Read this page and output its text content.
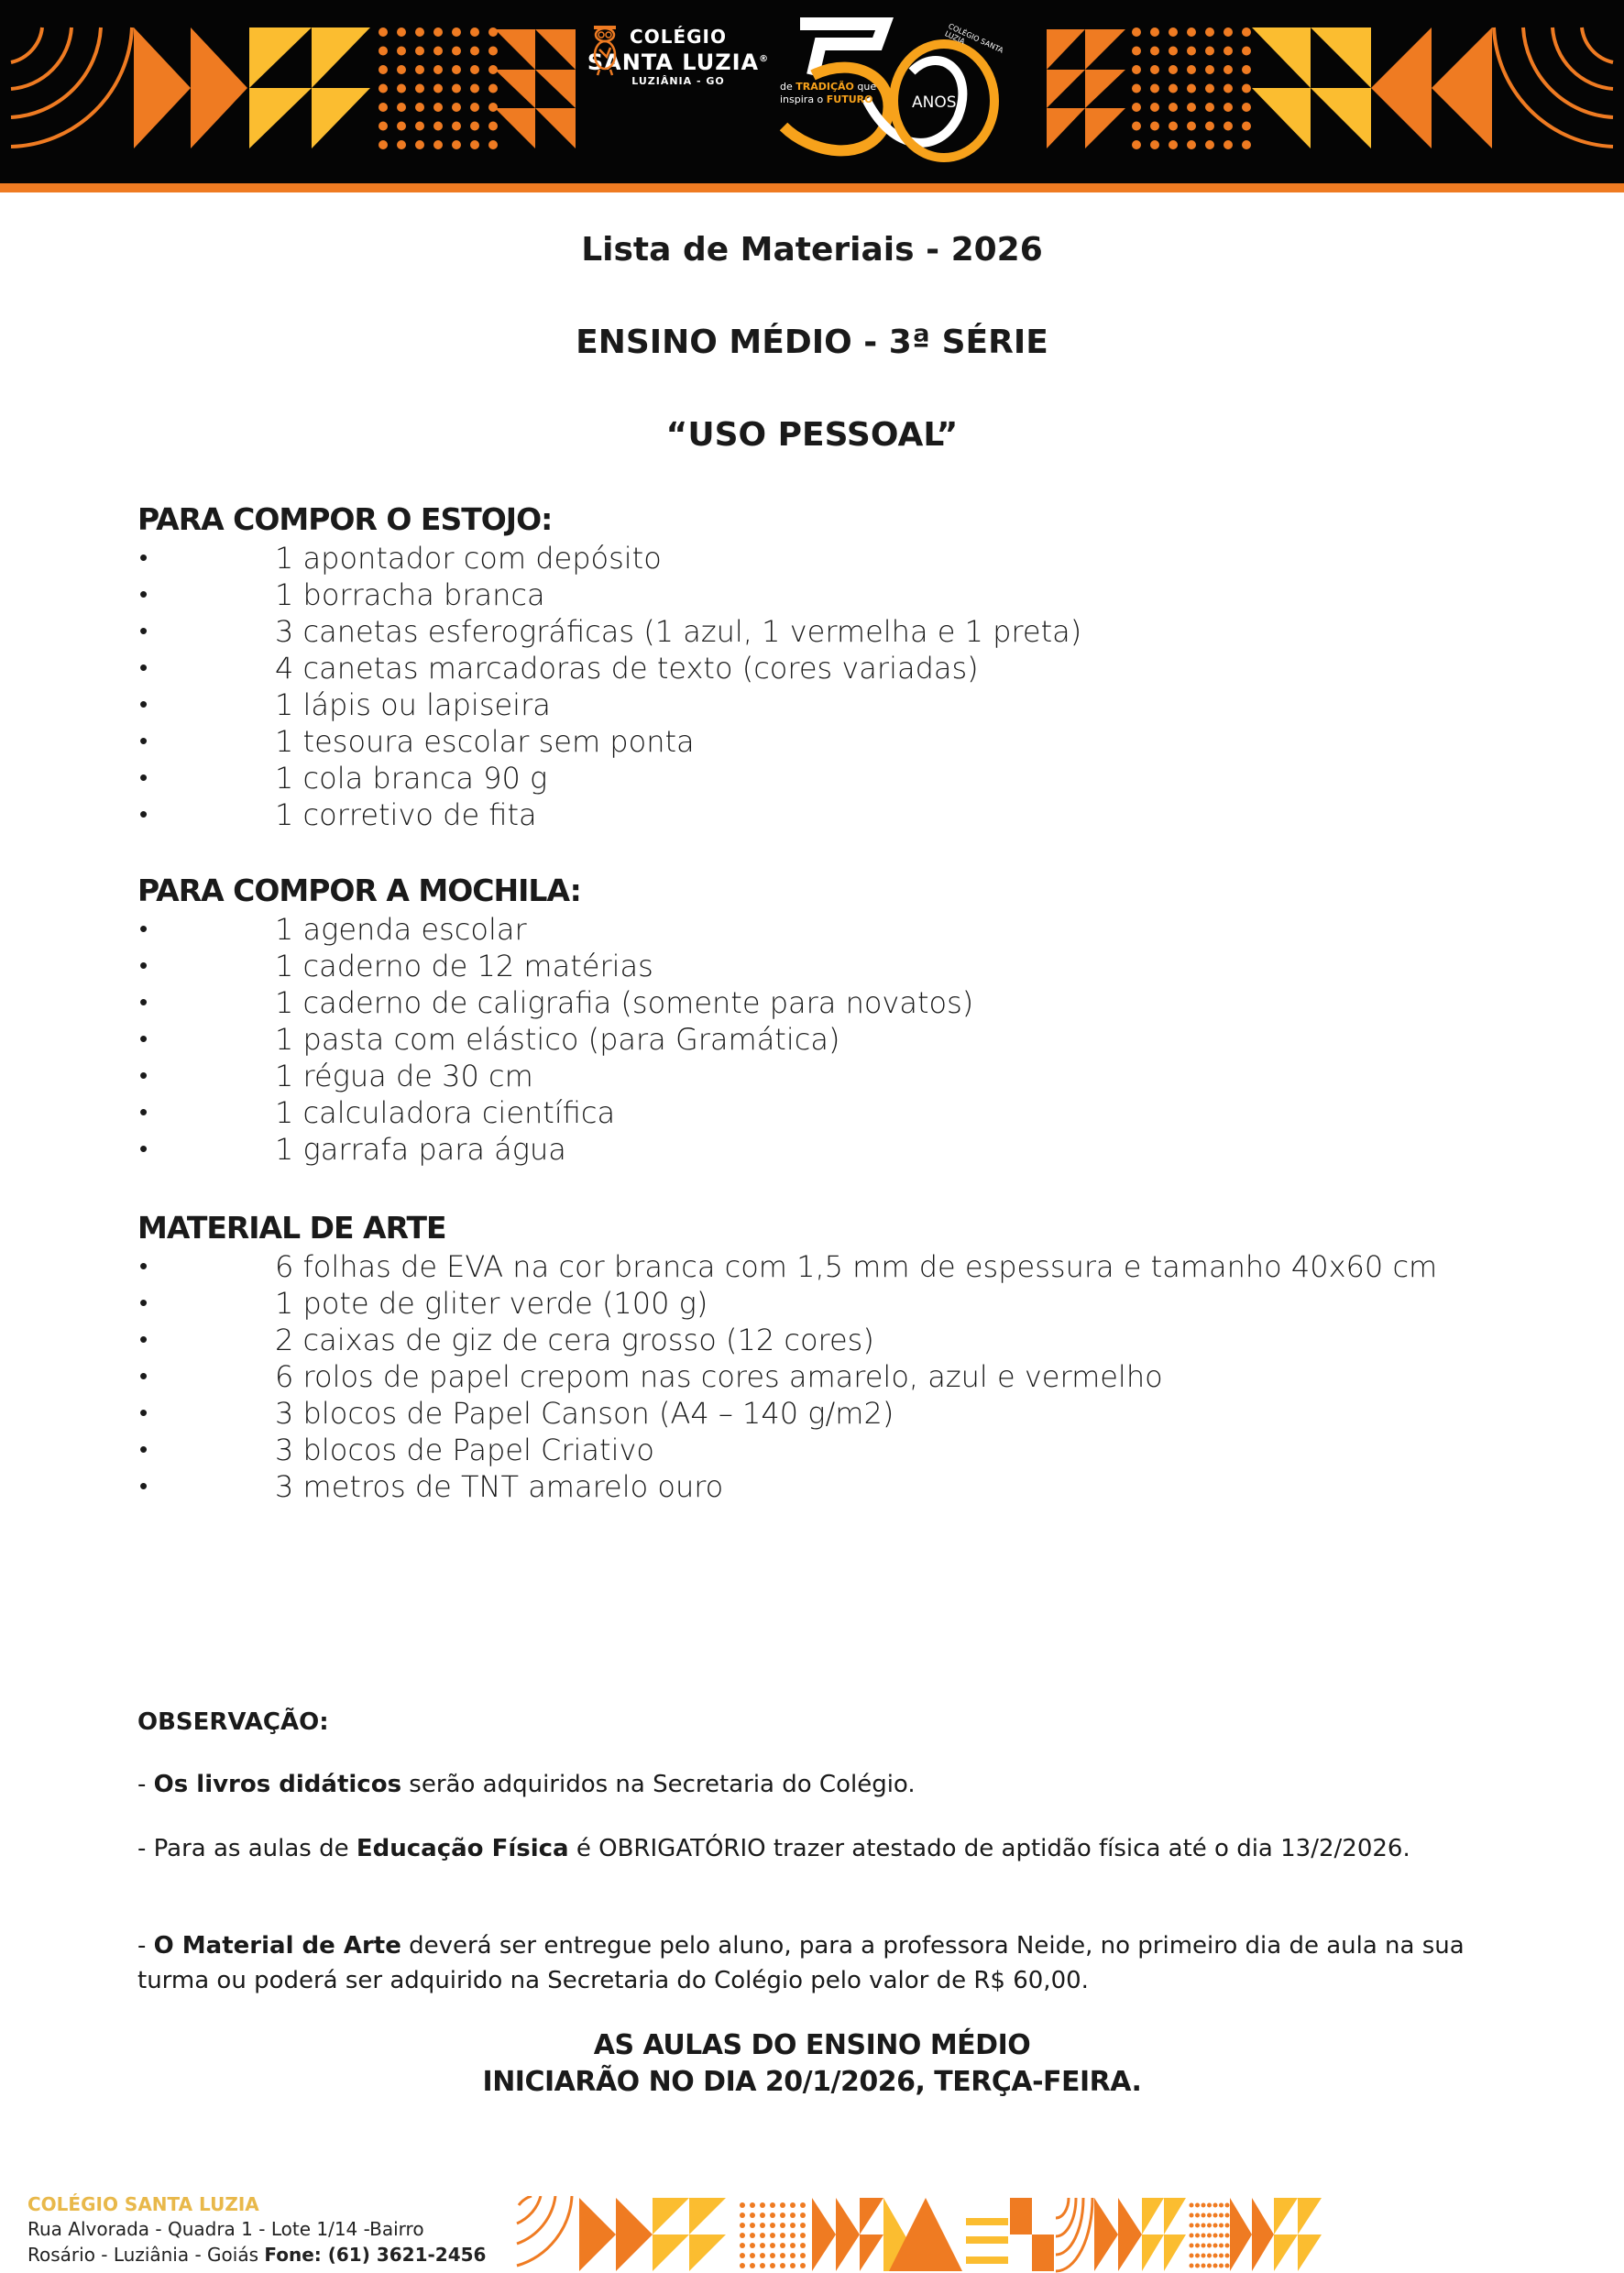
COLÉGIO
SANTA LUZIA®
LUZIÂNIA - GO	de TRADIÇÃO que
inspira o FUTURO	ANOS
COLÉGIO SANTA LUZIA
Lista de Materiais - 2026
ENSINO MÉDIO - 3ª SÉRIE
“USO PESSOAL”
PARA COMPOR O ESTOJO:
•	1 apontador com depósito
•	1 borracha branca
•	3 canetas esferográficas (1 azul, 1 vermelha e 1 preta)
•	4 canetas marcadoras de texto (cores variadas)
•	1 lápis ou lapiseira
•	1 tesoura escolar sem ponta
•	1 cola branca 90 g
•	1 corretivo de fita
PARA COMPOR A MOCHILA:
•	1 agenda escolar
•	1 caderno de 12 matérias
•	1 caderno de caligrafia (somente para novatos)
•	1 pasta com elástico (para Gramática)
•	1 régua de 30 cm
•	1 calculadora científica
•	1 garrafa para água
MATERIAL DE ARTE
•	6 folhas de EVA na cor branca com 1,5 mm de espessura e tamanho 40x60 cm
•	1 pote de gliter verde (100 g)
•	2 caixas de giz de cera grosso (12 cores)
•	6 rolos de papel crepom nas cores amarelo, azul e vermelho
•	3 blocos de Papel Canson (A4 – 140 g/m2)
•	3 blocos de Papel Criativo
•	3 metros de TNT amarelo ouro
OBSERVAÇÃO:
- Os livros didáticos serão adquiridos na Secretaria do Colégio.
- Para as aulas de Educação Física é OBRIGATÓRIO trazer atestado de aptidão física até o dia 13/2/2026.
- O Material de Arte deverá ser entregue pelo aluno, para a professora Neide, no primeiro dia de aula na sua turma ou poderá ser adquirido na Secretaria do Colégio pelo valor de R$ 60,00.
AS AULAS DO ENSINO MÉDIO
INICIARÃO NO DIA 20/1/2026, TERÇA-FEIRA.
COLÉGIO SANTA LUZIA
Rua Alvorada - Quadra 1 - Lote 1/14 -Bairro
Rosário - Luziânia - Goiás Fone: (61) 3621-2456
